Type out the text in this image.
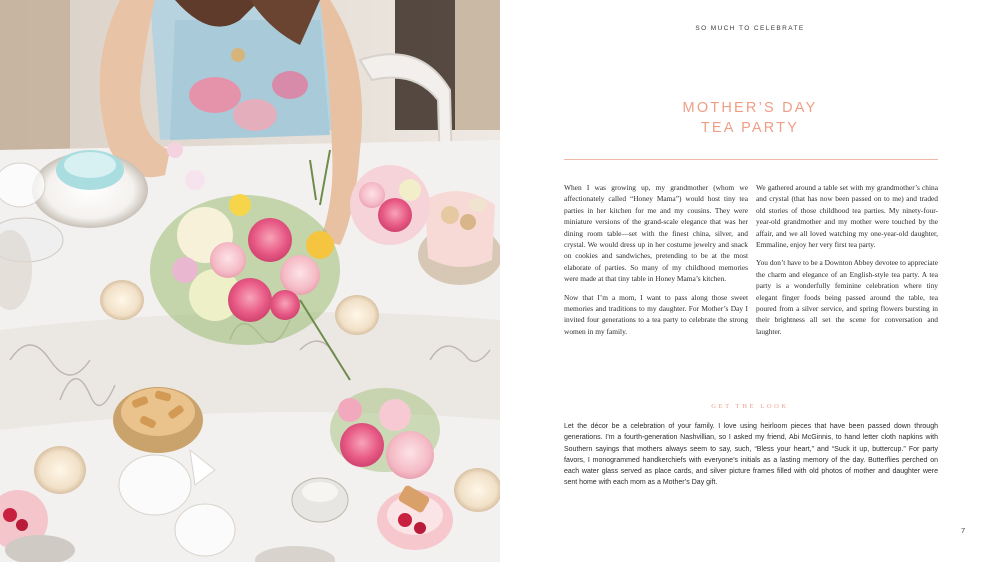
SO MUCH TO CELEBRATE
MOTHER’S DAY
TEA PARTY

When I was growing up, my grandmother (whom we affectionately called “Honey Mama”) would host tiny tea parties in her kitchen for me and my cousins. They were miniature versions of the grand-scale elegance that was her dining room table—set with the finest china, silver, and crystal. We would dress up in her costume jewelry and snack on cookies and sandwiches, pretending to be at the most elaborate of parties. So many of my childhood memories were made at that tiny table in Honey Mama’s kitchen.

Now that I’m a mom, I want to pass along those sweet memories and traditions to my daughter. For Mother’s Day I invited four generations to a tea party to celebrate the strong women in my family.

We gathered around a table set with my grandmother’s china and crystal (that has now been passed on to me) and traded old stories of those childhood tea parties. My ninety-four-year-old grandmother and my mother were touched by the affair, and we all loved watching my one-year-old daughter, Emmaline, enjoy her very first tea party.

You don’t have to be a Downton Abbey devotee to appreciate the charm and elegance of an English-style tea party. A tea party is a wonderfully feminine celebration where tiny elegant finger foods being passed around the table, tea poured from a silver service, and spring flowers bursting in their brightness all set the scene for conversation and laughter.

GET THE LOOK

Let the décor be a celebration of your family. I love using heirloom pieces that have been passed down through generations. I’m a fourth-generation Nashvillian, so I asked my friend, Abi McGinnis, to hand letter cloth napkins with Southern sayings that mothers always seem to say, such, “Bless your heart,” and “Suck it up, buttercup.” For party favors, I monogrammed handkerchiefs with everyone’s initials as a lasting memory of the day. Butterflies perched on each water glass served as place cards, and silver picture frames filled with old photos of mother and daughter were sent home with each mom as a Mother’s Day gift.

7
